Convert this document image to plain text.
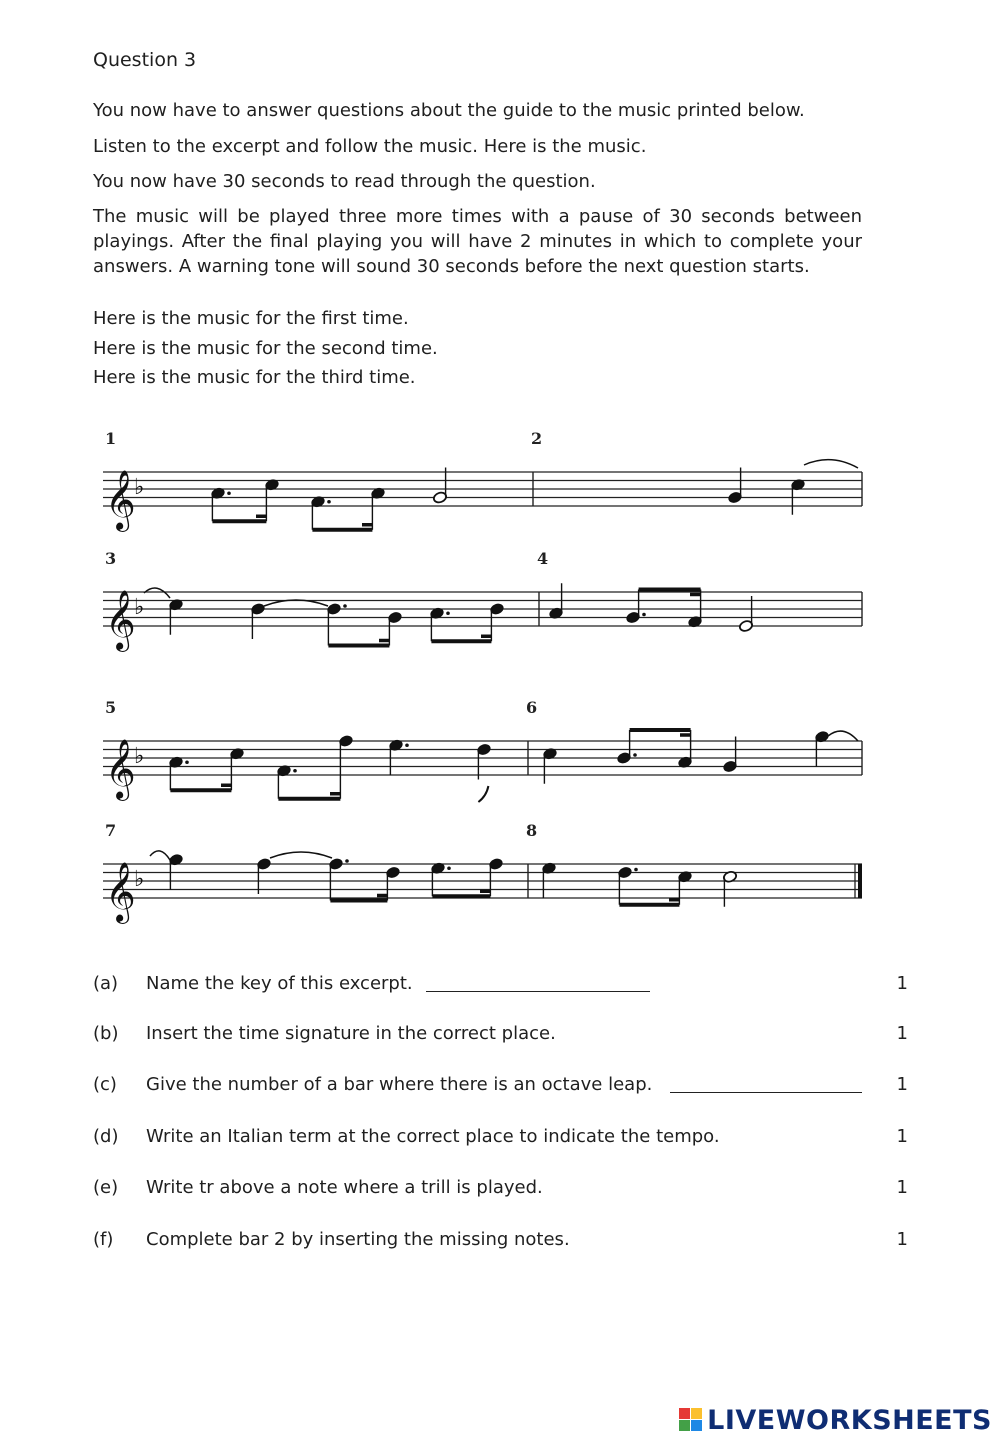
Question 3
You now have to answer questions about the guide to the music printed below.
Listen to the excerpt and follow the music. Here is the music.
You now have 30 seconds to read through the question.
The music will be played three more times with a pause of 30 seconds between playings. After the final playing you will have 2 minutes in which to complete your answers. A warning tone will sound 30 seconds before the next question starts.
Here is the music for the first time.
Here is the music for the second time.
Here is the music for the third time.
𝄞
♭
1	2
𝄞
♭
3	4
𝄞
♭
5	6
𝄞
♭
7	8
(a) Name the key of this excerpt.	1
(b) Insert the time signature in the correct place.	1
(c) Give the number of a bar where there is an octave leap.	1
(d) Write an Italian term at the correct place to indicate the tempo.	1
(e) Write tr above a note where a trill is played.	1
(f) Complete bar 2 by inserting the missing notes.	1
LIVEWORKSHEETS
